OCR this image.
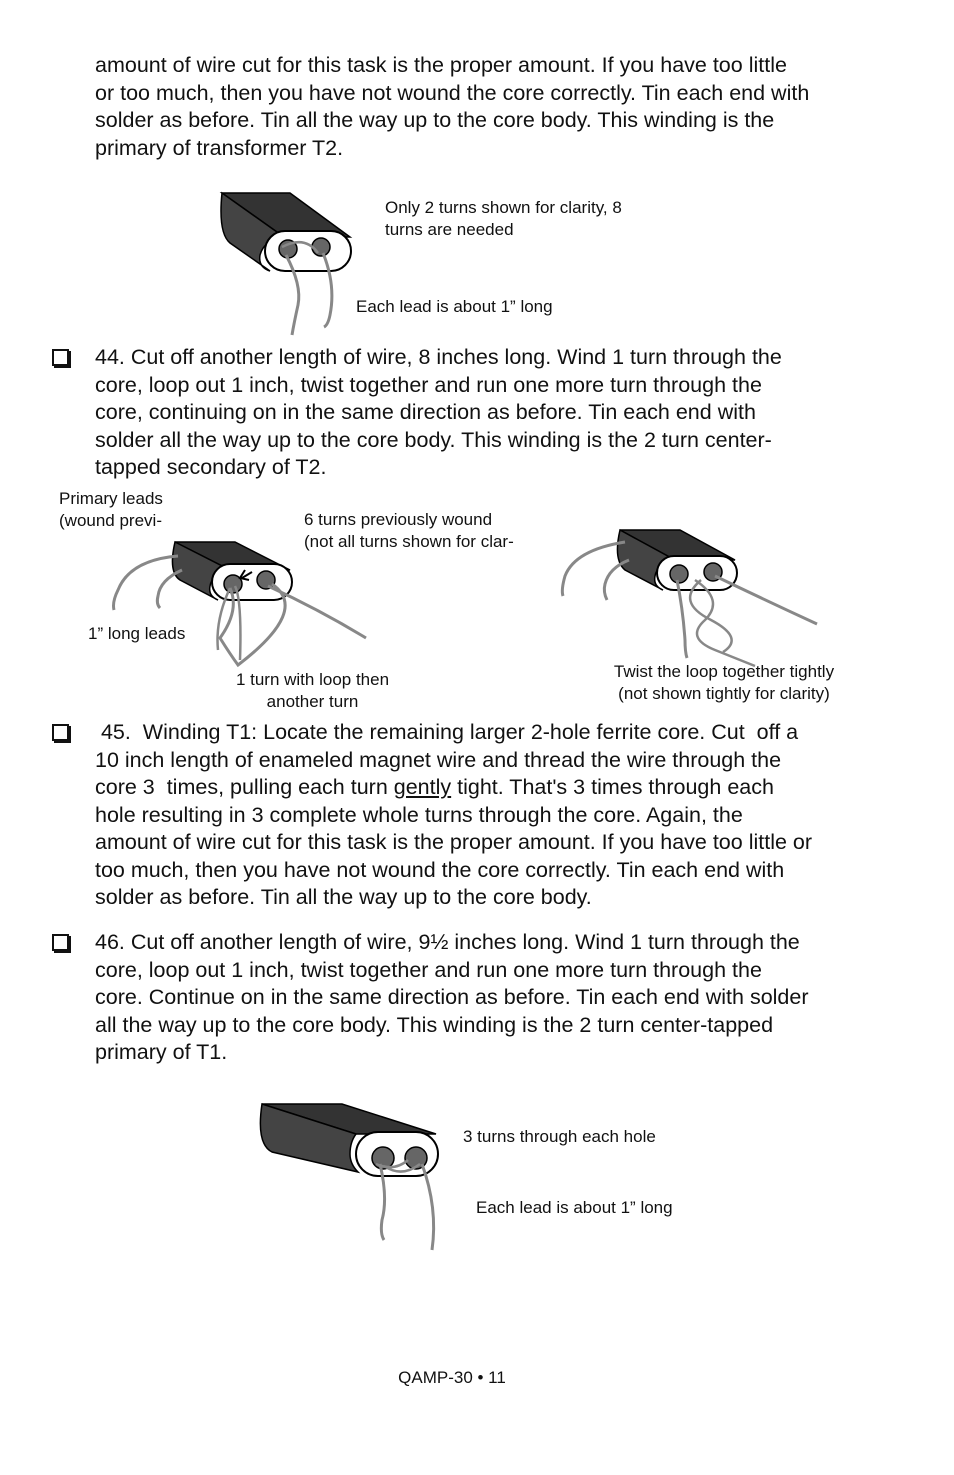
amount of wire cut for this task is the proper amount. If you have too little
or too much, then you have not wound the core correctly. Tin each end with
solder as before. Tin all the way up to the core body. This winding is the
primary of transformer T2.

Only 2 turns shown for clarity, 8
turns are needed

Each lead is about 1” long

44. Cut off another length of wire, 8 inches long. Wind 1 turn through the
core, loop out 1 inch, twist together and run one more turn through the
core, continuing on in the same direction as before. Tin each end with
solder all the way up to the core body. This winding is the 2 turn center-
tapped secondary of T2.

Primary leads
(wound previ-	6 turns previously wound
(not all turns shown for clar-

1” long leads

1 turn with loop then
another turn

Twist the loop together tightly
(not shown tightly for clarity)

45.  Winding T1: Locate the remaining larger 2-hole ferrite core. Cut  off a
10 inch length of enameled magnet wire and thread the wire through the
core 3  times, pulling each turn gently tight. That's 3 times through each
hole resulting in 3 complete whole turns through the core. Again, the
amount of wire cut for this task is the proper amount. If you have too little or
too much, then you have not wound the core correctly. Tin each end with
solder as before. Tin all the way up to the core body.

46. Cut off another length of wire, 9½ inches long. Wind 1 turn through the
core, loop out 1 inch, twist together and run one more turn through the
core. Continue on in the same direction as before. Tin each end with solder
all the way up to the core body. This winding is the 2 turn center-tapped
primary of T1.

3 turns through each hole

Each lead is about 1” long

QAMP-30 • 11
